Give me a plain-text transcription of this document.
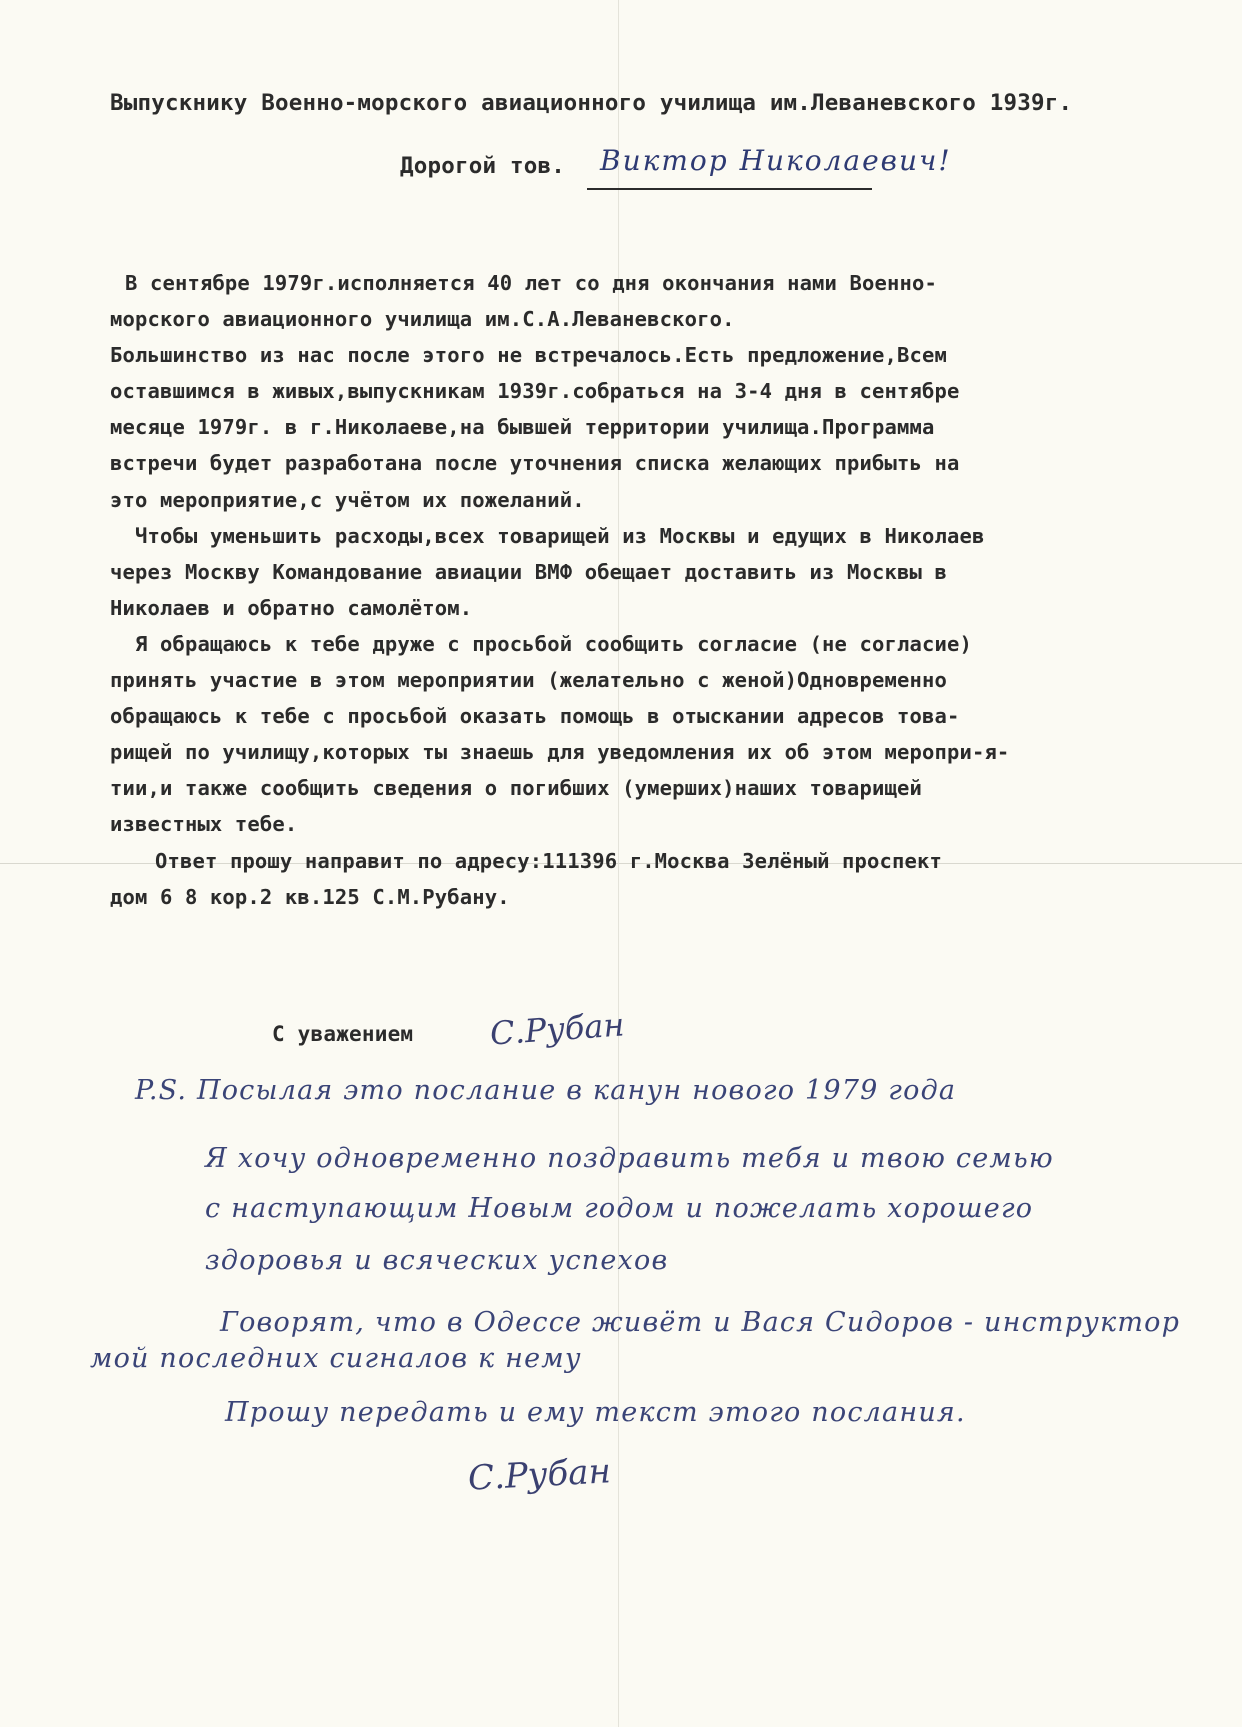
Выпускнику Военно-морского авиационного училища им.Леваневского 1939г.
Дорогой тов. Виктор Николаевич!
В сентябре 1979г.исполняется 40 лет со дня окончания нами Военно-
морского авиационного училища им.С.А.Леваневского.
Большинство из нас после этого не встречалось.Есть предложение,Всем
оставшимся в живых,выпускникам 1939г.собраться на 3-4 дня в сентябре
месяце 1979г. в г.Николаеве,на бывшей территории училища.Программа
встречи будет разработана после уточнения списка желающих прибыть на
это мероприятие,с учётом их пожеланий.
Чтобы уменьшить расходы,всех товарищей из Москвы и едущих в Николаев
через Москву Командование авиации ВМФ обещает доставить из Москвы в
Николаев и обратно самолётом.
Я обращаюсь к тебе друже с просьбой сообщить согласие (не согласие)
принять участие в этом мероприятии (желательно с женой)Одновременно
обращаюсь к тебе с просьбой оказать помощь в отыскании адресов това-
рищей по училищу,которых ты знаешь для уведомления их об этом меропри-я-
тии,и также сообщить сведения о погибших (умерших)наших товарищей
известных тебе.
Ответ прошу направит по адресу:111396 г.Москва Зелёный проспект
дом 6 8 кор.2 кв.125 С.М.Рубану.
С уважением С.Рубан
P.S. Посылая это послание в канун нового 1979 года
Я хочу одновременно поздравить тебя и твою семью
с наступающим Новым годом и пожелать хорошего
здоровья и всяческих успехов
Говорят, что в Одессе живёт и Вася Сидоров - инструктор
мой последних сигналов к нему
Прошу передать и ему текст этого послания.
С.Рубан
